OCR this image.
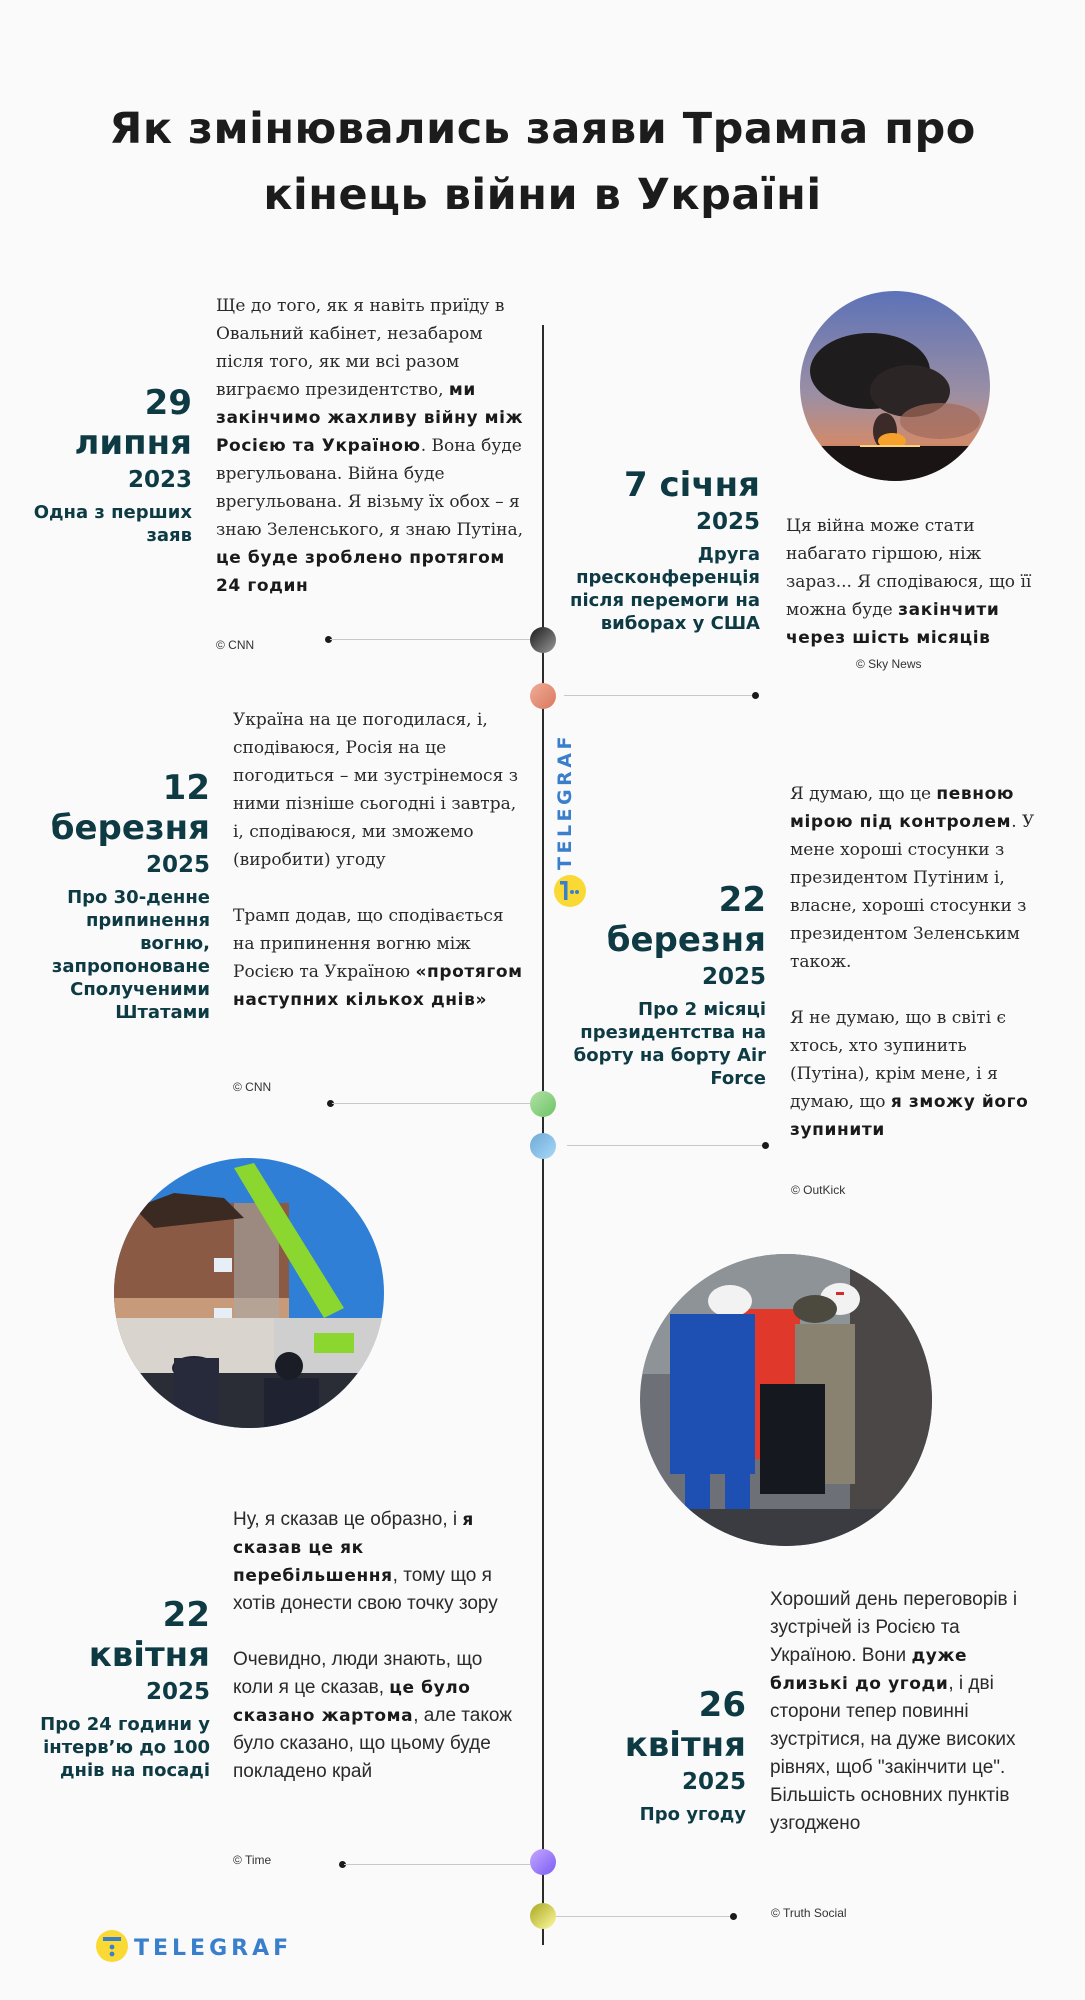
Як змінювались заяви Трампа про
кінець війни в Україні
TELEGRAF
29
липня
2023
Одна з перших заяв

Ще до того, як я навіть приїду в Овальний кабінет, незабаром після того, як ми всі разом виграємо президентство, ми закінчимо жахливу війну між Росією та Україною. Вона буде врегульована. Війна буде врегульована. Я візьму їх обох – я знаю Зеленського, я знаю Путіна, це буде зроблено протягом 24 годин

© CNN
7 січня
2025
Друга пресконференція після перемоги на виборах у США

Ця війна може стати набагато гіршою, ніж зараз... Я сподіваюся, що її можна буде закінчити через шість місяців

© Sky News
12
березня
2025
Про 30-денне припинення вогню, запропоноване Сполученими Штатами

Україна на це погодилася, і, сподіваюся, Росія на це погодиться – ми зустрінемося з ними пізніше сьогодні і завтра, і, сподіваюся, ми зможемо (виробити) угоду

Трамп додав, що сподівається на припинення вогню між Росією та Україною «протягом наступних кількох днів»

© CNN
22
березня
2025
Про 2 місяці президентства на борту на борту Air Force

Я думаю, що це певною мірою під контролем. У мене хороші стосунки з президентом Путіним і, власне, хороші стосунки з президентом Зеленським також.

Я не думаю, що в світі є хтось, хто зупинить (Путіна), крім мене, і я думаю, що я зможу його зупинити

© OutKick
22
квітня
2025
Про 24 години у інтерв’ю до 100 днів на посаді

Ну, я сказав це образно, і я сказав це як перебільшення, тому що я хотів донести свою точку зору

Очевидно, люди знають, що коли я це сказав, це було сказано жартома, але також було сказано, що цьому буде покладено край

© Time
26
квітня
2025
Про угоду

Хороший день переговорів і зустрічей із Росією та Україною. Вони дуже близькі до угоди, і дві сторони тепер повинні зустрітися, на дуже високих рівнях, щоб "закінчити це". Більшість основних пунктів узгоджено

© Truth Social
TELEGRAF
